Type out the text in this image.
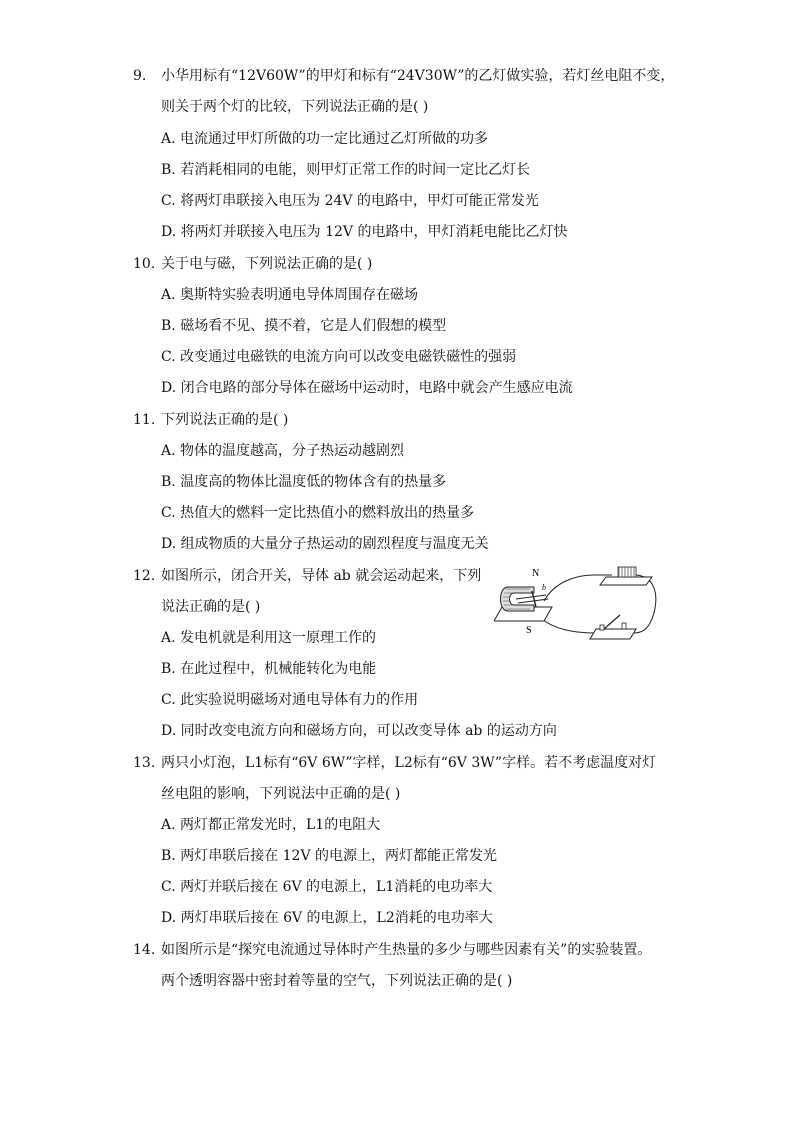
9. 小华用标有“12V60W”的甲灯和标有“24V30W”的乙灯做实验，若灯丝电阻不变，
则关于两个灯的比较，下列说法正确的是( )
A. 电流通过甲灯所做的功一定比通过乙灯所做的功多
B. 若消耗相同的电能，则甲灯正常工作的时间一定比乙灯长
C. 将两灯串联接入电压为 24V 的电路中，甲灯可能正常发光
D. 将两灯并联接入电压为 12V 的电路中，甲灯消耗电能比乙灯快
10. 关于电与磁，下列说法正确的是( )
A. 奥斯特实验表明通电导体周围存在磁场
B. 磁场看不见、摸不着，它是人们假想的模型
C. 改变通过电磁铁的电流方向可以改变电磁铁磁性的强弱
D. 闭合电路的部分导体在磁场中运动时，电路中就会产生感应电流
11. 下列说法正确的是( )
A. 物体的温度越高，分子热运动越剧烈
B. 温度高的物体比温度低的物体含有的热量多
C. 热值大的燃料一定比热值小的燃料放出的热量多
D. 组成物质的大量分子热运动的剧烈程度与温度无关
12. 如图所示，闭合开关，导体 ab 就会运动起来，下列
说法正确的是( )
A. 发电机就是利用这一原理工作的
B. 在此过程中，机械能转化为电能
C. 此实验说明磁场对通电导体有力的作用
D. 同时改变电流方向和磁场方向，可以改变导体 ab 的运动方向
N
b
S
13. 两只小灯泡，L1标有“6V 6W”字样，L2标有“6V 3W”字样。若不考虑温度对灯
丝电阻的影响，下列说法中正确的是( )
A. 两灯都正常发光时，L1的电阻大
B. 两灯串联后接在 12V 的电源上，两灯都能正常发光
C. 两灯并联后接在 6V 的电源上，L1消耗的电功率大
D. 两灯串联后接在 6V 的电源上，L2消耗的电功率大
14. 如图所示是“探究电流通过导体时产生热量的多少与哪些因素有关”的实验装置。
两个透明容器中密封着等量的空气，下列说法正确的是( )
